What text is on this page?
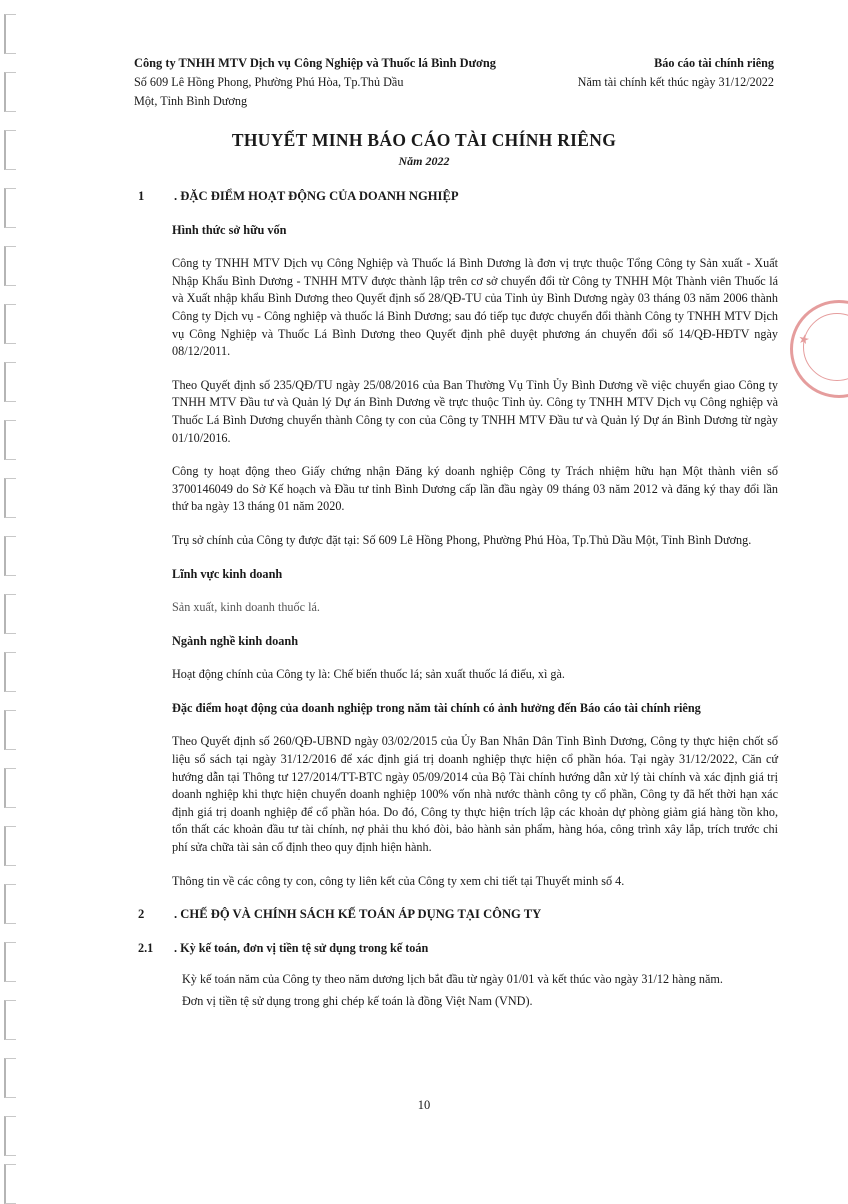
★
Công ty TNHH MTV Dịch vụ Công Nghiệp và Thuốc lá Bình Dương
Số 609 Lê Hồng Phong, Phường Phú Hòa, Tp.Thủ Dầu
Một, Tỉnh Bình Dương
Báo cáo tài chính riêng
Năm tài chính kết thúc ngày 31/12/2022
THUYẾT MINH BÁO CÁO TÀI CHÍNH RIÊNG
Năm 2022
1	. ĐẶC ĐIỂM HOẠT ĐỘNG CỦA DOANH NGHIỆP
Hình thức sở hữu vốn

Công ty TNHH MTV Dịch vụ Công Nghiệp và Thuốc lá Bình Dương là đơn vị trực thuộc Tổng Công ty Sản xuất - Xuất Nhập Khẩu Bình Dương - TNHH MTV được thành lập trên cơ sở chuyển đổi từ Công ty TNHH Một Thành viên Thuốc lá và Xuất nhập khẩu Bình Dương theo Quyết định số 28/QĐ-TU của Tỉnh ủy Bình Dương ngày 03 tháng 03 năm 2006 thành Công ty Dịch vụ - Công nghiệp và thuốc lá Bình Dương; sau đó tiếp tục được chuyển đổi thành Công ty TNHH MTV Dịch vụ Công Nghiệp và Thuốc Lá Bình Dương theo Quyết định phê duyệt phương án chuyển đổi số 14/QĐ-HĐTV ngày 08/12/2011.

Theo Quyết định số 235/QĐ/TU ngày 25/08/2016 của Ban Thường Vụ Tỉnh Ủy Bình Dương về việc chuyển giao Công ty TNHH MTV Đầu tư và Quản lý Dự án Bình Dương về trực thuộc Tỉnh ủy. Công ty TNHH MTV Dịch vụ Công nghiệp và Thuốc Lá Bình Dương chuyển thành Công ty con của Công ty TNHH MTV Đầu tư và Quản lý Dự án Bình Dương từ ngày 01/10/2016.

Công ty hoạt động theo Giấy chứng nhận Đăng ký doanh nghiệp Công ty Trách nhiệm hữu hạn Một thành viên số 3700146049 do Sở Kế hoạch và Đầu tư tỉnh Bình Dương cấp lần đầu ngày 09 tháng 03 năm 2012 và đăng ký thay đổi lần thứ ba ngày 13 tháng 01 năm 2020.

Trụ sở chính của Công ty được đặt tại: Số 609 Lê Hồng Phong, Phường Phú Hòa, Tp.Thủ Dầu Một, Tỉnh Bình Dương.

Lĩnh vực kinh doanh

Sản xuất, kinh doanh thuốc lá.

Ngành nghề kinh doanh

Hoạt động chính của Công ty là: Chế biến thuốc lá; sản xuất thuốc lá điếu, xì gà.

Đặc điểm hoạt động của doanh nghiệp trong năm tài chính có ảnh hưởng đến Báo cáo tài chính riêng

Theo Quyết định số 260/QĐ-UBND ngày 03/02/2015 của Ủy Ban Nhân Dân Tỉnh Bình Dương, Công ty thực hiện chốt số liệu sổ sách tại ngày 31/12/2016 để xác định giá trị doanh nghiệp thực hiện cổ phần hóa. Tại ngày 31/12/2022, Căn cứ hướng dẫn tại Thông tư 127/2014/TT-BTC ngày 05/09/2014 của Bộ Tài chính hướng dẫn xử lý tài chính và xác định giá trị doanh nghiệp khi thực hiện chuyển doanh nghiệp 100% vốn nhà nước thành công ty cổ phần, Công ty đã hết thời hạn xác định giá trị doanh nghiệp để cổ phần hóa. Do đó, Công ty thực hiện trích lập các khoản dự phòng giảm giá hàng tồn kho, tổn thất các khoản đầu tư tài chính, nợ phải thu khó đòi, bảo hành sản phẩm, hàng hóa, công trình xây lắp, trích trước chi phí sửa chữa tài sản cố định theo quy định hiện hành.

Thông tin về các công ty con, công ty liên kết của Công ty xem chi tiết tại Thuyết minh số 4.

2	. CHẾ ĐỘ VÀ CHÍNH SÁCH KẾ TOÁN ÁP DỤNG TẠI CÔNG TY
2.1	. Kỳ kế toán, đơn vị tiền tệ sử dụng trong kế toán

Kỳ kế toán năm của Công ty theo năm dương lịch bắt đầu từ ngày 01/01 và kết thúc vào ngày 31/12 hàng năm.

Đơn vị tiền tệ sử dụng trong ghi chép kế toán là đồng Việt Nam (VND).

10
